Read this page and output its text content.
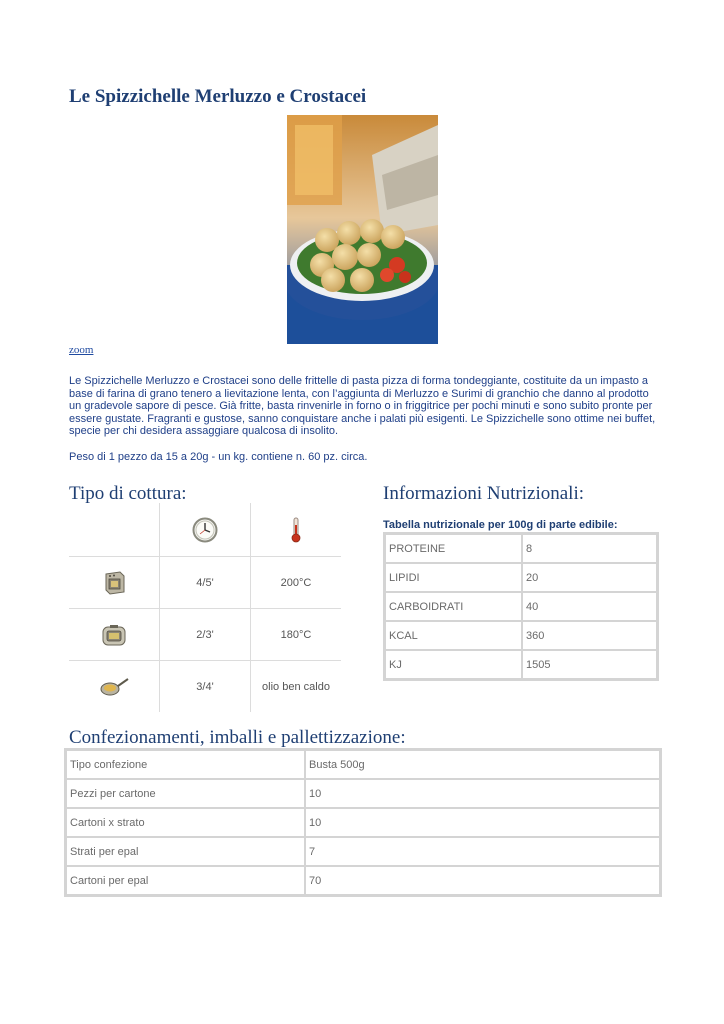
Le Spizzichelle Merluzzo e Crostacei
zoom

Le Spizzichelle Merluzzo e Crostacei sono delle frittelle di pasta pizza di forma tondeggiante, costituite da un impasto a base di farina di grano tenero a lievitazione lenta, con l’aggiunta di Merluzzo e Surimi di granchio che danno al prodotto un gradevole sapore di pesce. Già fritte, basta rinvenirle in forno o in friggitrice per pochi minuti e sono subito pronte per essere gustate. Fragranti e gustose, sanno conquistare anche i palati più esigenti. Le Spizzichelle sono ottime nei buffet, specie per chi desidera assaggiare qualcosa di insolito.

Peso di 1 pezzo da 15 a 20g - un kg. contiene n. 60 pz. circa.

Tipo di cottura:

	4/5'	200°C

	2/3'	180°C

	3/4'	olio ben caldo
Informazioni Nutrizionali:

Tabella nutrizionale per 100g di parte edibile:

PROTEINE	8
LIPIDI	20
CARBOIDRATI	40
KCAL	360
KJ	1505
Confezionamenti, imballi e pallettizzazione:
Tipo confezione	Busta 500g
Pezzi per cartone	10
Cartoni x strato	10
Strati per epal	7
Cartoni per epal	70
